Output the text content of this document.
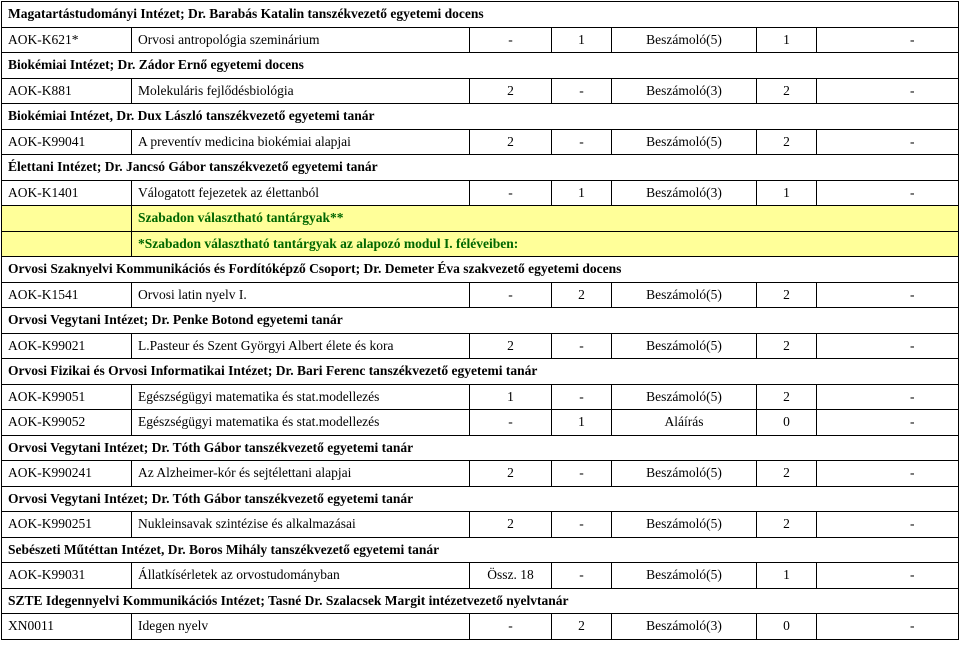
Magatartástudományi Intézet; Dr. Barabás Katalin tanszékvezető egyetemi docens						
AOK-K621*	Orvosi antropológia szeminárium	-	1	Beszámoló(5)	1	-
Biokémiai Intézet; Dr. Zádor Ernő egyetemi docens						
AOK-K881	Molekuláris fejlődésbiológia	2	-	Beszámoló(3)	2	-
Biokémiai Intézet, Dr. Dux László tanszékvezető egyetemi tanár						
AOK-K99041	A preventív medicina biokémiai alapjai	2	-	Beszámoló(5)	2	-
Élettani Intézet; Dr. Jancsó Gábor tanszékvezető egyetemi tanár						
AOK-K1401	Válogatott fejezetek az élettanból	-	1	Beszámoló(3)	1	-
	Szabadon választható tantárgyak**					
	*Szabadon választható tantárgyak az alapozó modul I. féléveiben:					
Orvosi Szaknyelvi Kommunikációs és Fordítóképző Csoport; Dr. Demeter Éva szakvezető egyetemi docens						
AOK-K1541	Orvosi latin nyelv I.	-	2	Beszámoló(5)	2	-
Orvosi Vegytani Intézet; Dr. Penke Botond egyetemi tanár						
AOK-K99021	L.Pasteur és Szent Györgyi Albert élete és kora	2	-	Beszámoló(5)	2	-
Orvosi Fizikai és Orvosi Informatikai Intézet; Dr. Bari Ferenc tanszékvezető egyetemi tanár						
AOK-K99051	Egészségügyi matematika és stat.modellezés	1	-	Beszámoló(5)	2	-
AOK-K99052	Egészségügyi matematika és stat.modellezés	-	1	Aláírás	0	-
Orvosi Vegytani Intézet; Dr. Tóth Gábor tanszékvezető egyetemi tanár						
AOK-K990241	Az Alzheimer-kór és sejtélettani alapjai	2	-	Beszámoló(5)	2	-
Orvosi Vegytani Intézet; Dr. Tóth Gábor tanszékvezető egyetemi tanár						
AOK-K990251	Nukleinsavak szintézise és alkalmazásai	2	-	Beszámoló(5)	2	-
Sebészeti Műtéttan Intézet, Dr. Boros Mihály tanszékvezető egyetemi tanár						
AOK-K99031	Állatkísérletek az orvostudományban	Össz. 18	-	Beszámoló(5)	1	-
SZTE Idegennyelvi Kommunikációs Intézet; Tasné Dr. Szalacsek Margit intézetvezető nyelvtanár						
XN0011	Idegen nyelv	-	2	Beszámoló(3)	0	-
